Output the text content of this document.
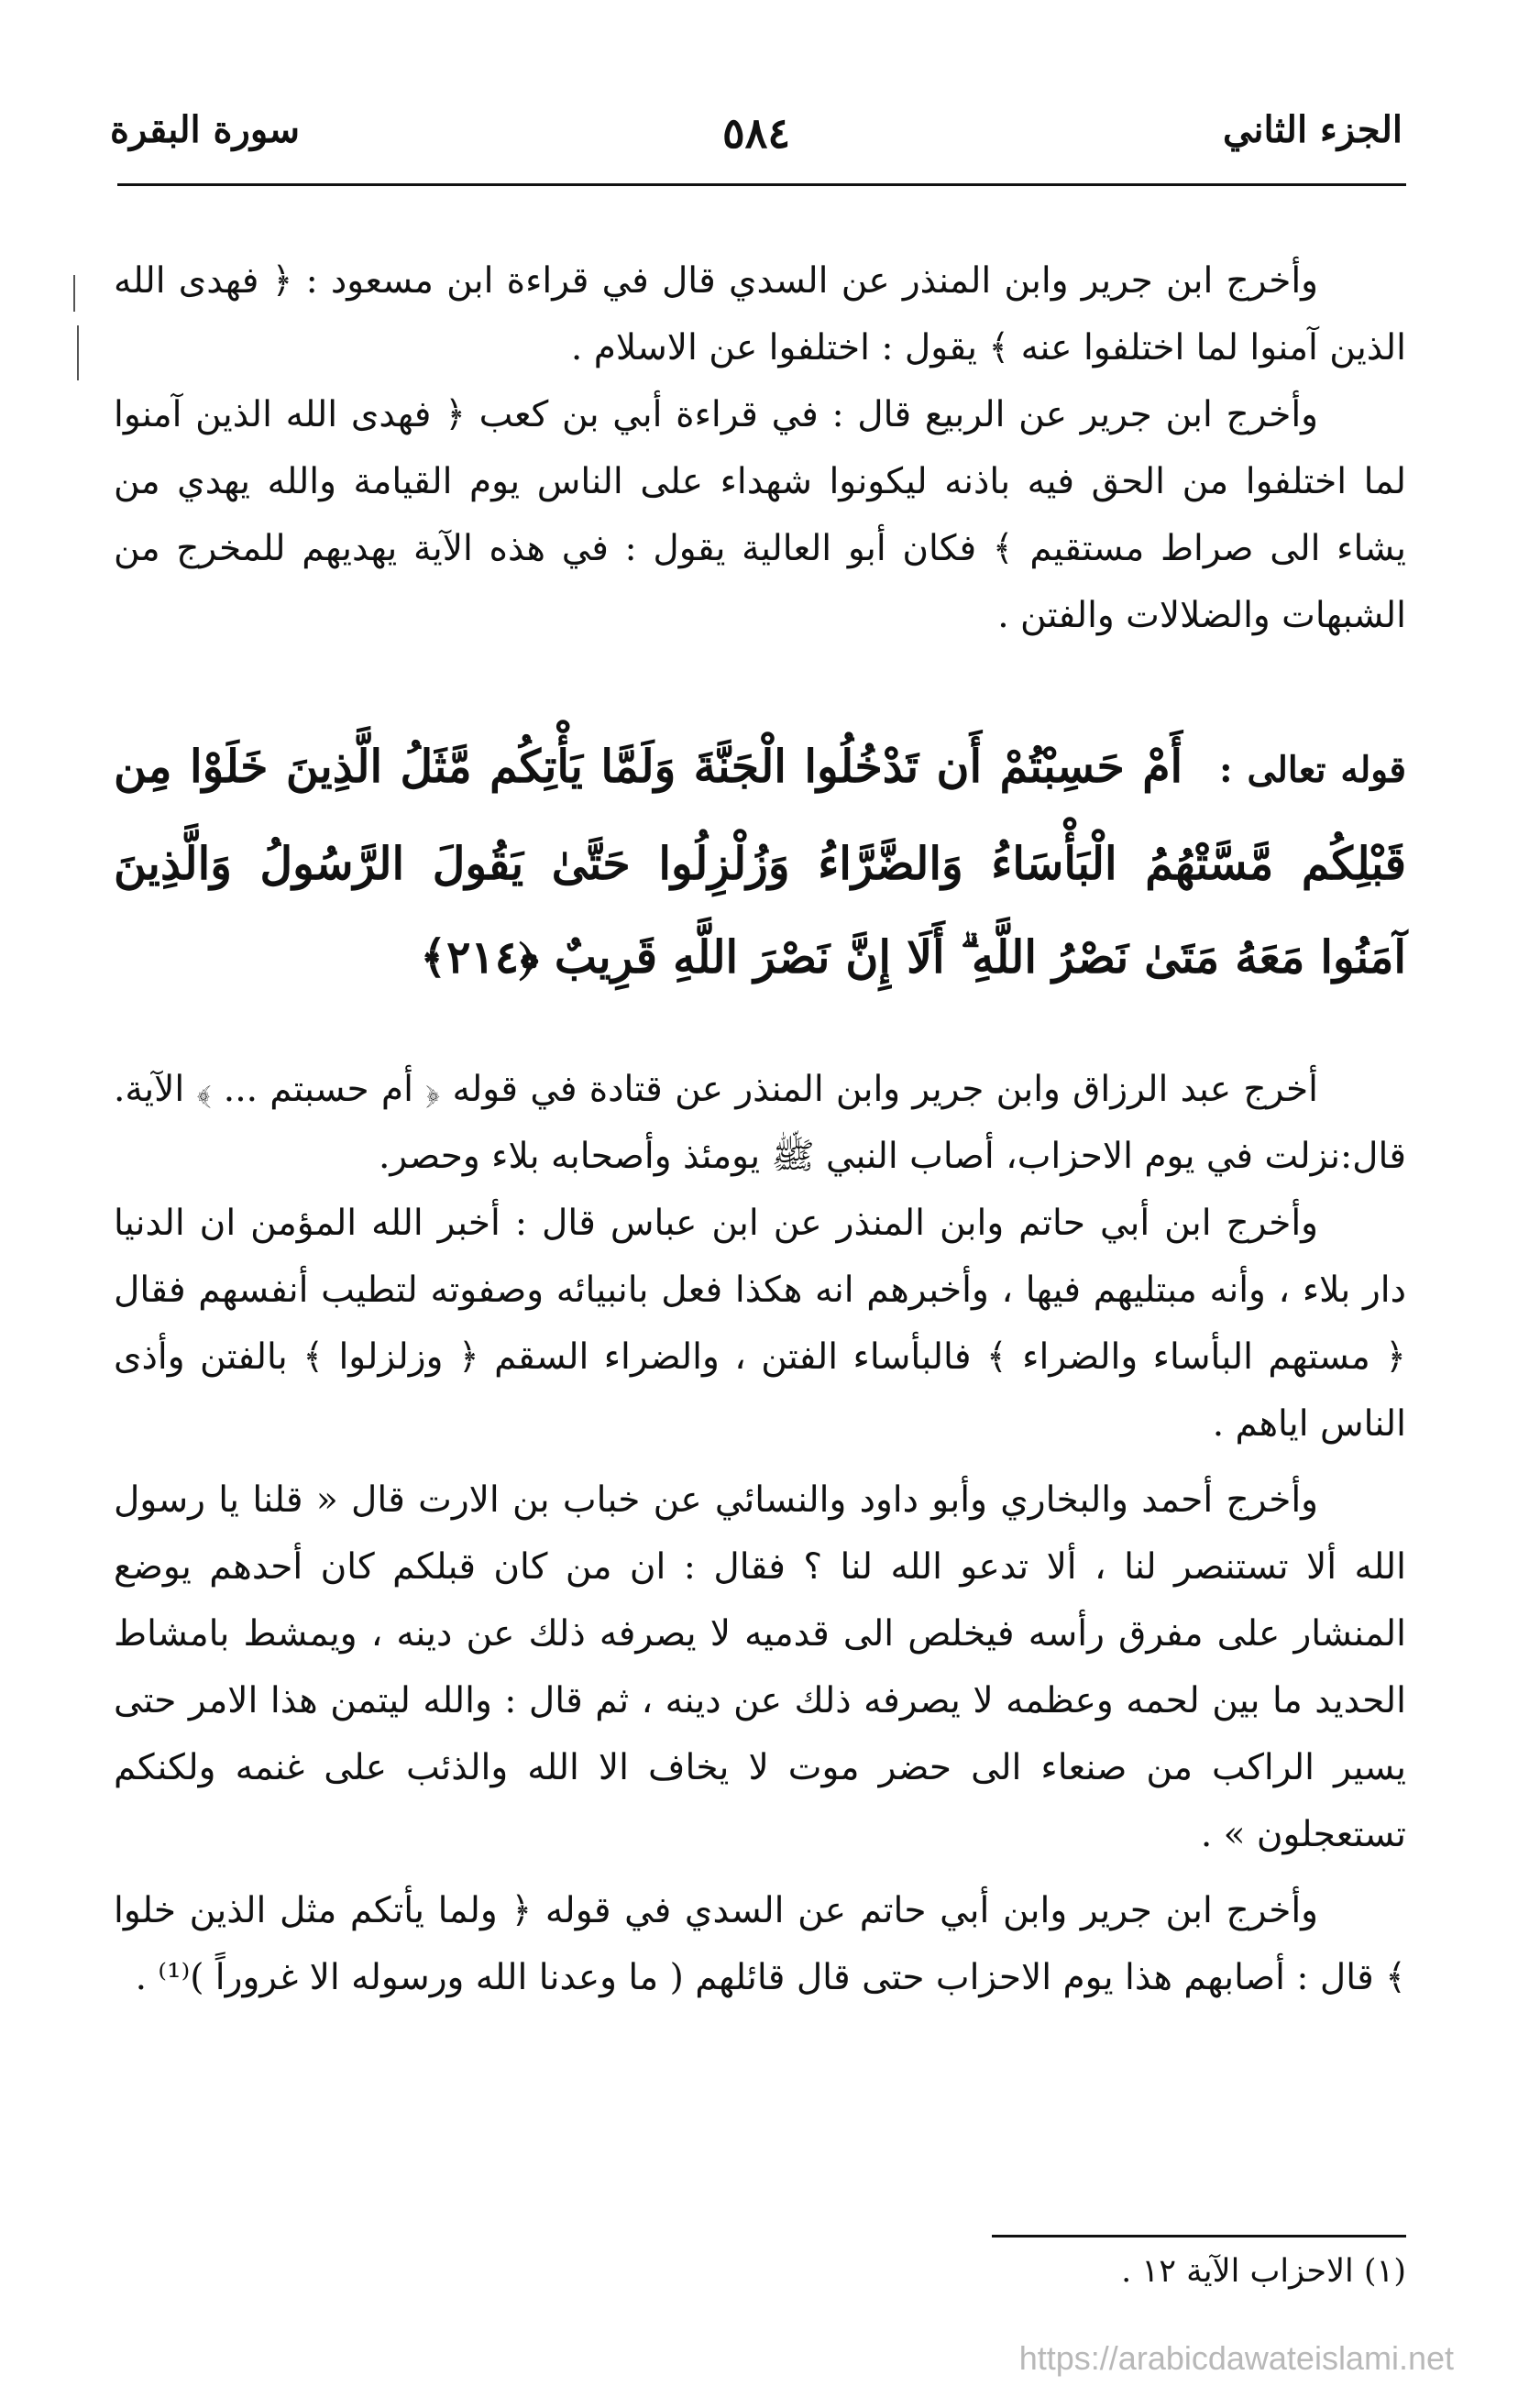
الجزء الثاني
٥٨٤
سورة البقرة

وأخرج ابن جرير وابن المنذر عن السدي قال في قراءة ابن مسعود : ﴿ فهدى الله الذين آمنوا لما اختلفوا عنه ﴾ يقول : اختلفوا عن الاسلام .

وأخرج ابن جرير عن الربيع قال : في قراءة أبي بن كعب ﴿ فهدى الله الذين آمنوا لما اختلفوا من الحق فيه باذنه ليكونوا شهداء على الناس يوم القيامة والله يهدي من يشاء الى صراط مستقيم ﴾ فكان أبو العالية يقول : في هذه الآية يهديهم للمخرج من الشبهات والضلالات والفتن .

قوله تعالى :أَمْ حَسِبْتُمْ أَن تَدْخُلُوا الْجَنَّةَ وَلَمَّا يَأْتِكُم مَّثَلُ الَّذِينَ خَلَوْا مِن قَبْلِكُم مَّسَّتْهُمُ الْبَأْسَاءُ وَالضَّرَّاءُ وَزُلْزِلُوا حَتَّىٰ يَقُولَ الرَّسُولُ وَالَّذِينَ آمَنُوا مَعَهُ مَتَىٰ نَصْرُ اللَّهِ ۗ أَلَا إِنَّ نَصْرَ اللَّهِ قَرِيبٌ ﴿٢١٤﴾

أخرج عبد الرزاق وابن جرير وابن المنذر عن قتادة في قوله ﴿ أم حسبتم ... ﴾ الآية. قال:نزلت في يوم الاحزاب، أصاب النبي ﷺ يومئذ وأصحابه بلاء وحصر.

وأخرج ابن أبي حاتم وابن المنذر عن ابن عباس قال : أخبر الله المؤمن ان الدنيا دار بلاء ، وأنه مبتليهم فيها ، وأخبرهم انه هكذا فعل بانبيائه وصفوته لتطيب أنفسهم فقال ﴿ مستهم البأساء والضراء ﴾ فالبأساء الفتن ، والضراء السقم ﴿ وزلزلوا ﴾ بالفتن وأذى الناس اياهم .

وأخرج أحمد والبخاري وأبو داود والنسائي عن خباب بن الارت قال « قلنا يا رسول الله ألا تستنصر لنا ، ألا تدعو الله لنا ؟ فقال : ان من كان قبلكم كان أحدهم يوضع المنشار على مفرق رأسه فيخلص الى قدميه لا يصرفه ذلك عن دينه ، ويمشط بامشاط الحديد ما بين لحمه وعظمه لا يصرفه ذلك عن دينه ، ثم قال : والله ليتمن هذا الامر حتى يسير الراكب من صنعاء الى حضر موت لا يخاف الا الله والذئب على غنمه ولكنكم تستعجلون » .

وأخرج ابن جرير وابن أبي حاتم عن السدي في قوله ﴿ ولما يأتكم مثل الذين خلوا ﴾ قال : أصابهم هذا يوم الاحزاب حتى قال قائلهم ( ما وعدنا الله ورسوله الا غروراً )⁽¹⁾ .

(١) الاحزاب الآية ١٢ .
https://arabicdawateislami.net
